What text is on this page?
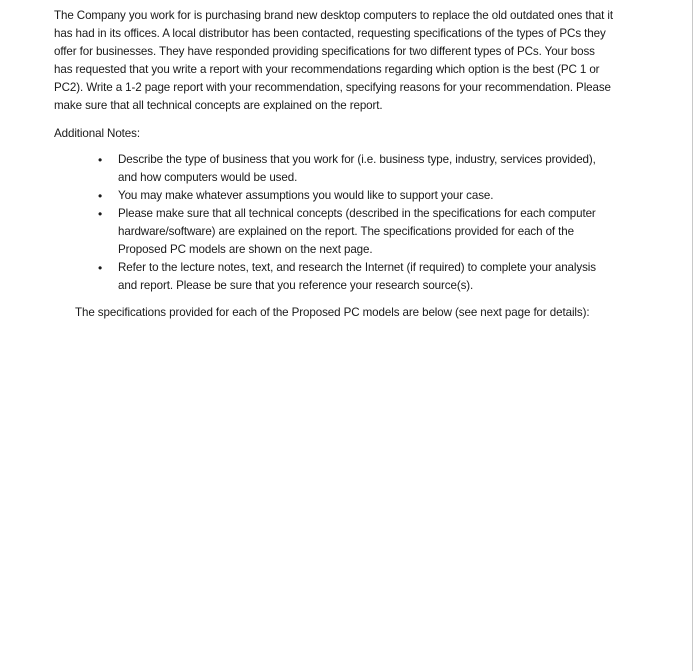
The Company you work for is purchasing brand new desktop computers to replace the old outdated ones that it has had in its offices. A local distributor has been contacted, requesting specifications of the types of PCs they offer for businesses. They have responded providing specifications for two different types of PCs. Your boss has requested that you write a report with your recommendations regarding which option is the best (PC 1 or PC2). Write a 1-2 page report with your recommendation, specifying reasons for your recommendation. Please make sure that all technical concepts are explained on the report.

Additional Notes:

• Describe the type of business that you work for (i.e. business type, industry, services provided), and how computers would be used.
• You may make whatever assumptions you would like to support your case.
• Please make sure that all technical concepts (described in the specifications for each computer hardware/software) are explained on the report. The specifications provided for each of the Proposed PC models are shown on the next page.
• Refer to the lecture notes, text, and research the Internet (if required) to complete your analysis and report. Please be sure that you reference your research source(s).

The specifications provided for each of the Proposed PC models are below (see next page for details):
